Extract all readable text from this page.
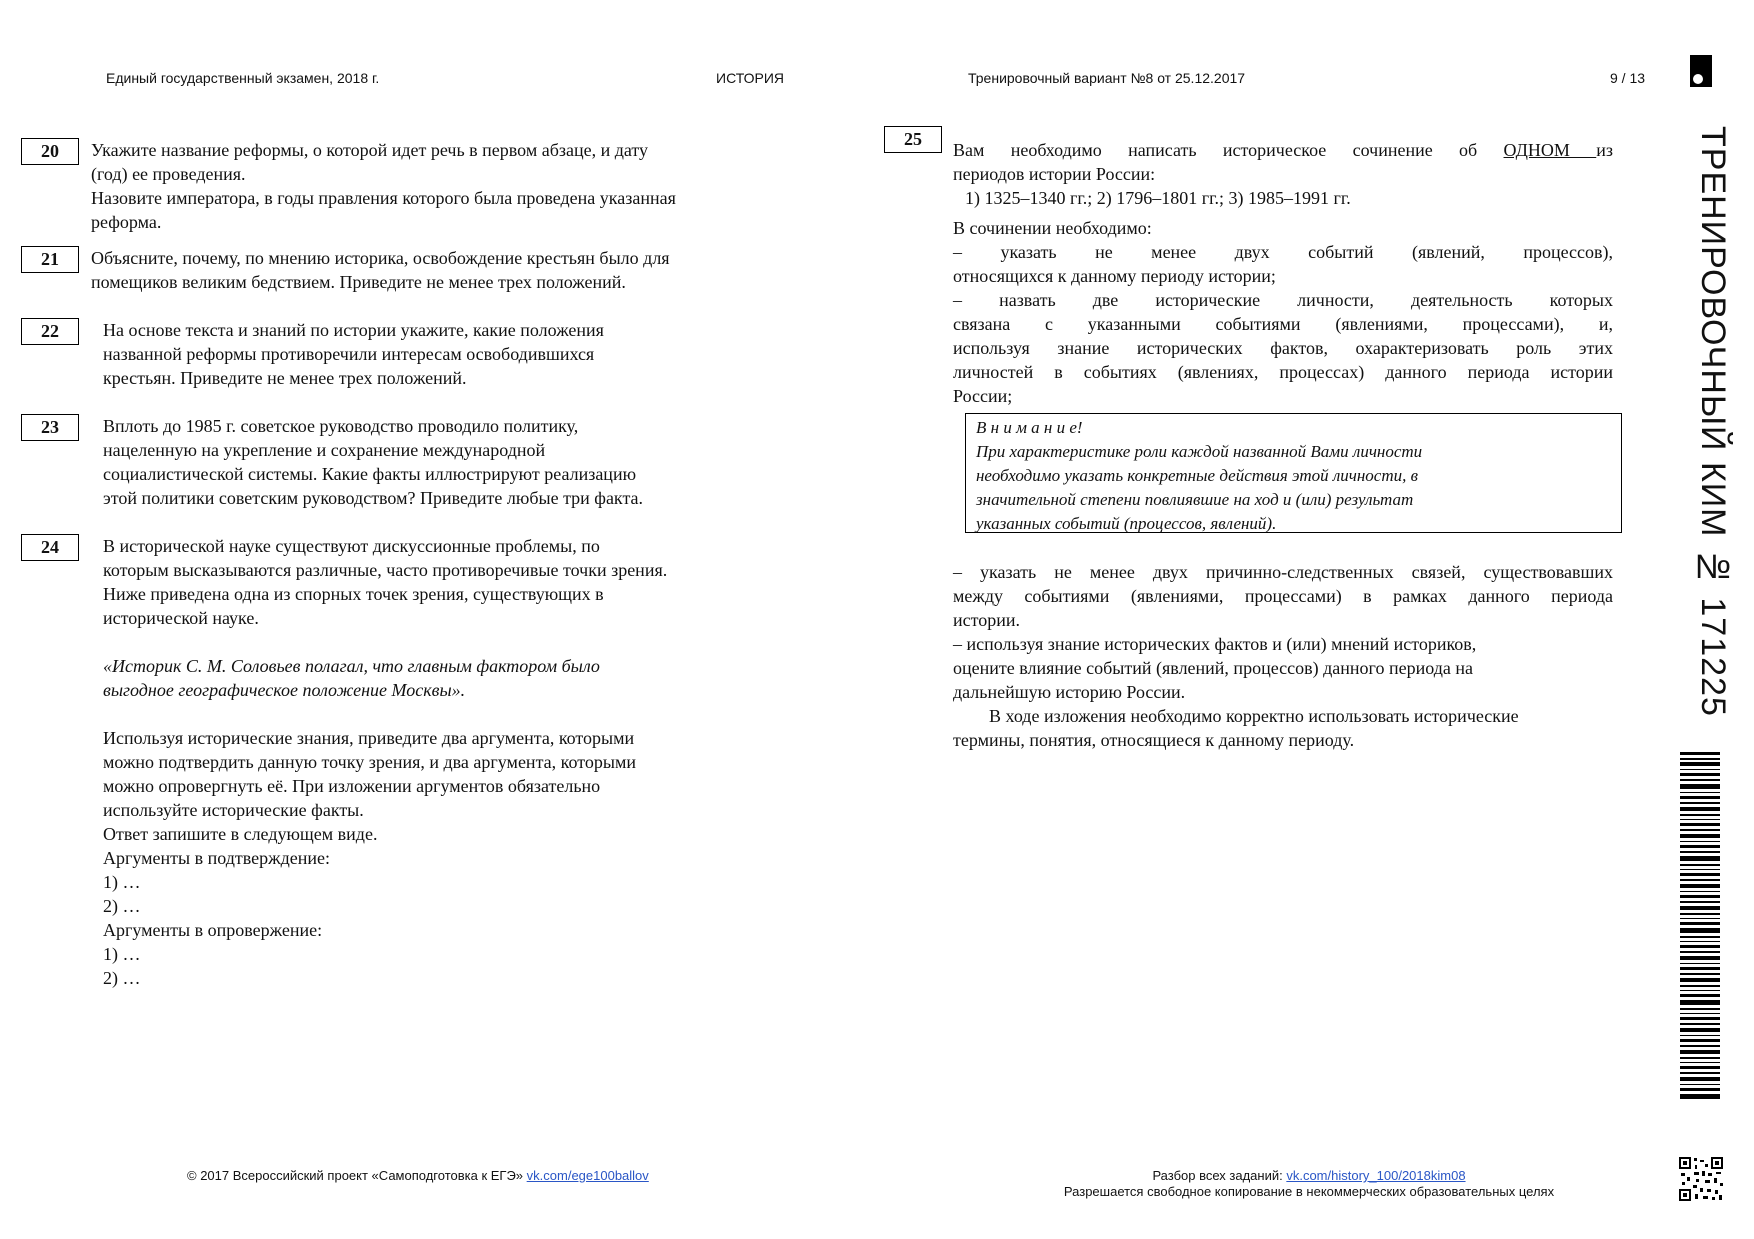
Единый государственный экзамен, 2018 г.	ИСТОРИЯ	Тренировочный вариант №8 от 25.12.2017	9 / 13
ТРЕНИРОВОЧНЫЙ КИМ № 171225
20	Укажите название реформы, о которой идет речь в первом абзаце, и дату

(год) ее проведения.

Назовите императора, в годы правления которого была проведена указанная

реформа.

21	Объясните, почему, по мнению историка, освобождение крестьян было для

помещиков великим бедствием. Приведите не менее трех положений.

22	На основе текста и знаний по истории укажите, какие положения

названной реформы противоречили интересам освободившихся

крестьян. Приведите не менее трех положений.

23	Вплоть до 1985 г. советское руководство проводило политику,

нацеленную на укрепление и сохранение международной

социалистической системы. Какие факты иллюстрируют реализацию

этой политики советским руководством? Приведите любые три факта.

24	В исторической науке существуют дискуссионные проблемы, по

которым высказываются различные, часто противоречивые точки зрения.

Ниже приведена одна из спорных точек зрения, существующих в

исторической науке.

«Историк С. М. Соловьев полагал, что главным фактором было

выгодное географическое положение Москвы».

Используя исторические знания, приведите два аргумента, которыми

можно подтвердить данную точку зрения, и два аргумента, которыми

можно опровергнуть её. При изложении аргументов обязательно

используйте исторические факты.

Ответ запишите в следующем виде.

Аргументы в подтверждение:

1) …

2) …

Аргументы в опровержение:

1) …

2) …

25

Вам необходимо написать историческое сочинение об ОДНОМ из

периодов истории России:

1) 1325–1340 гг.; 2) 1796–1801 гг.; 3) 1985–1991 гг.

В сочинении необходимо:

– указать не менее двух событий (явлений, процессов),

относящихся к данному периоду истории;

– назвать две исторические личности, деятельность которых

связана с указанными событиями (явлениями, процессами), и,

используя знание исторических фактов, охарактеризовать роль этих

личностей в событиях (явлениях, процессах) данного периода истории

России;

В н и м а н и е!
При характеристике роли каждой названной Вами личности
необходимо указать конкретные действия этой личности, в
значительной степени повлиявшие на ход и (или) результат
указанных событий (процессов, явлений).

– указать не менее двух причинно-следственных связей, существовавших

между событиями (явлениями, процессами) в рамках данного периода

истории.

– используя знание исторических фактов и (или) мнений историков,

оцените влияние событий (явлений, процессов) данного периода на

дальнейшую историю России.

В ходе изложения необходимо корректно использовать исторические

термины, понятия, относящиеся к данному периоду.

© 2017 Всероссийский проект «Самоподготовка к ЕГЭ» vk.com/ege100ballov	Разбор всех заданий: vk.com/history_100/2018kim08
Разрешается свободное копирование в некоммерческих образовательных целях
